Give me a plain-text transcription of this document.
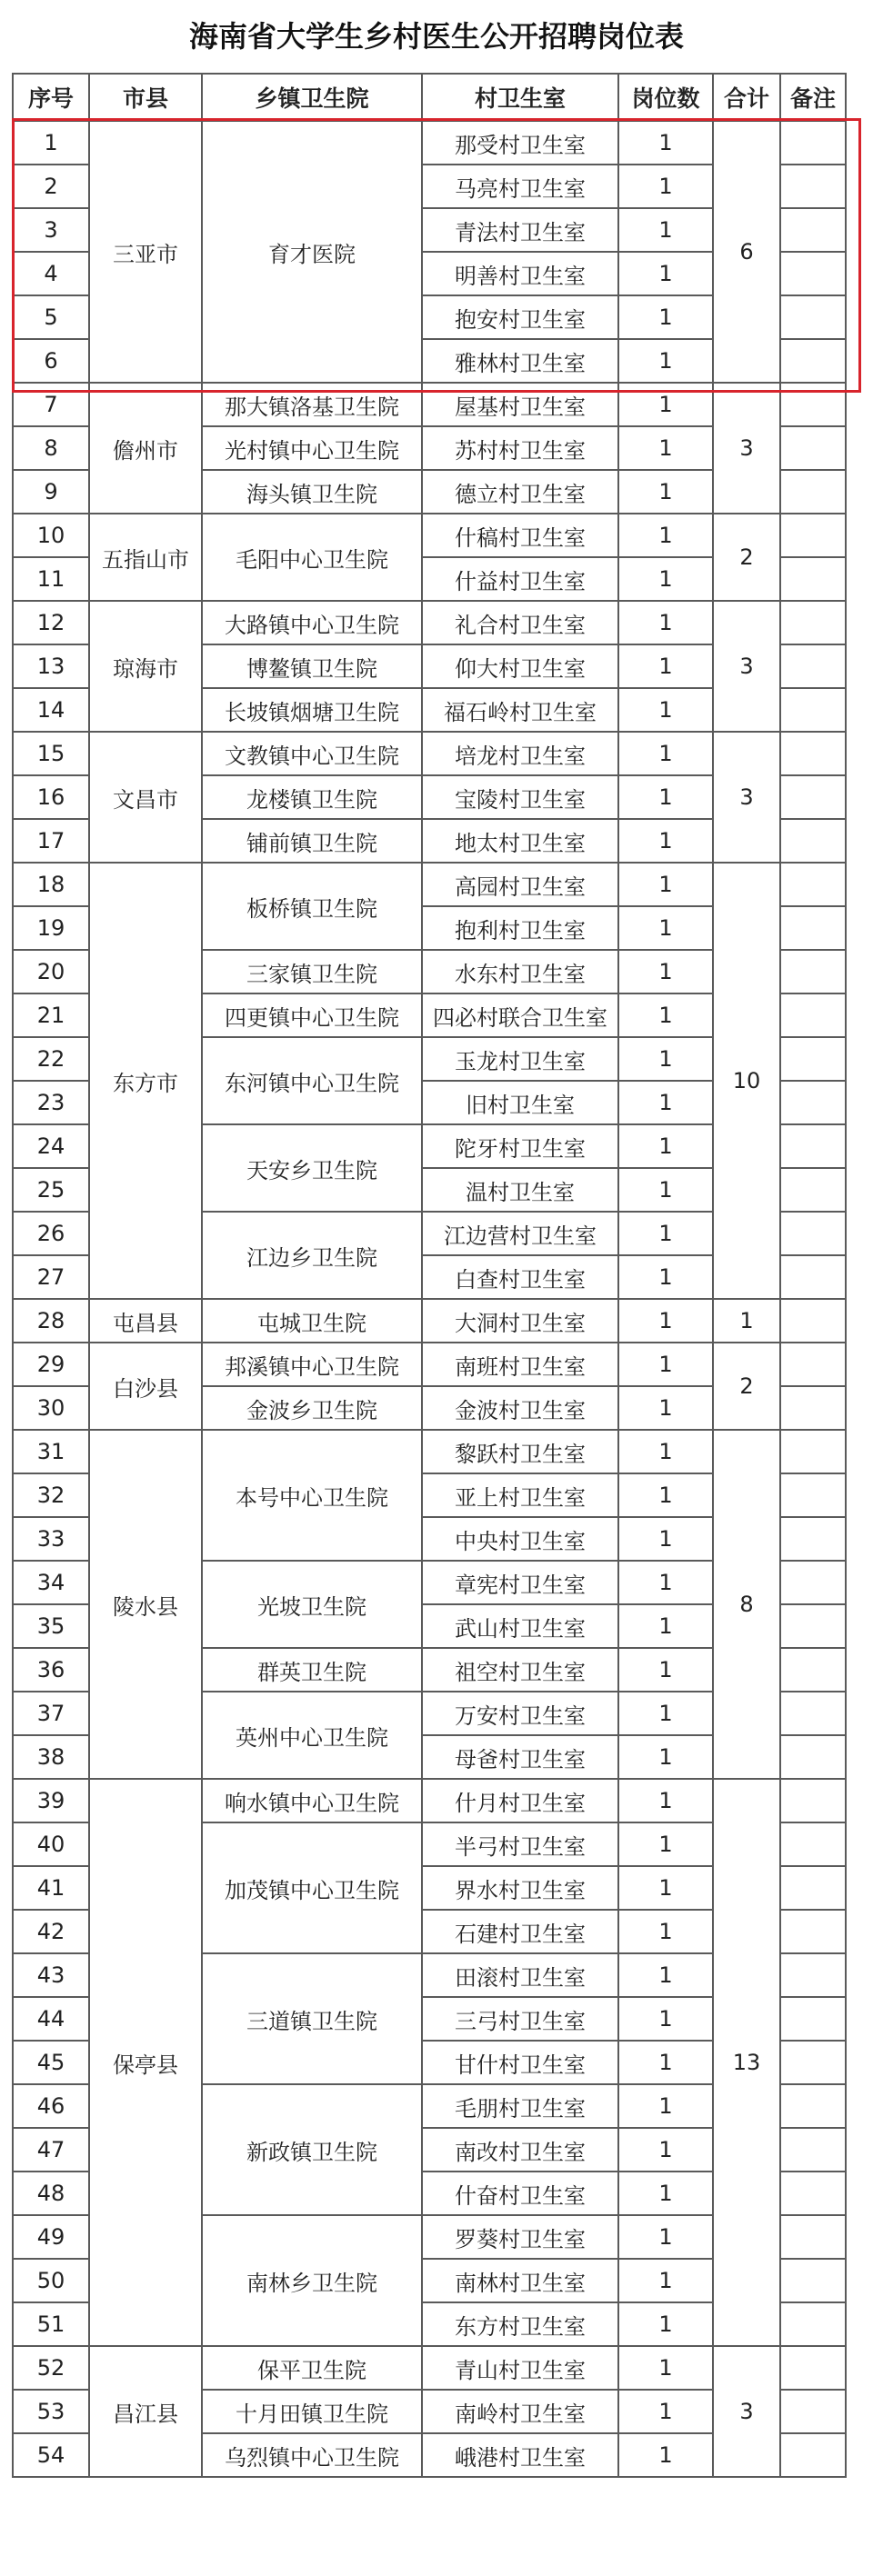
海南省大学生乡村医生公开招聘岗位表
序号	市县	乡镇卫生院	村卫生室	岗位数	合计	备注
1	三亚市	育才医院	那受村卫生室	1	6	
2			马亮村卫生室	1		
3			青法村卫生室	1		
4			明善村卫生室	1		
5			抱安村卫生室	1		
6			雅林村卫生室	1		
7	儋州市	那大镇洛基卫生院	屋基村卫生室	1	3	
8		光村镇中心卫生院	苏村村卫生室	1		
9		海头镇卫生院	德立村卫生室	1		
10	五指山市	毛阳中心卫生院	什稿村卫生室	1	2	
11			什益村卫生室	1		
12	琼海市	大路镇中心卫生院	礼合村卫生室	1	3	
13		博鳌镇卫生院	仰大村卫生室	1		
14		长坡镇烟塘卫生院	福石岭村卫生室	1		
15	文昌市	文教镇中心卫生院	培龙村卫生室	1	3	
16		龙楼镇卫生院	宝陵村卫生室	1		
17		铺前镇卫生院	地太村卫生室	1		
18	东方市	板桥镇卫生院	高园村卫生室	1	10	
19			抱利村卫生室	1		
20		三家镇卫生院	水东村卫生室	1		
21		四更镇中心卫生院	四必村联合卫生室	1		
22		东河镇中心卫生院	玉龙村卫生室	1		
23			旧村卫生室	1		
24		天安乡卫生院	陀牙村卫生室	1		
25			温村卫生室	1		
26		江边乡卫生院	江边营村卫生室	1		
27			白查村卫生室	1		
28	屯昌县	屯城卫生院	大洞村卫生室	1	1	
29	白沙县	邦溪镇中心卫生院	南班村卫生室	1	2	
30		金波乡卫生院	金波村卫生室	1		
31	陵水县	本号中心卫生院	黎跃村卫生室	1	8	
32			亚上村卫生室	1		
33			中央村卫生室	1		
34		光坡卫生院	章宪村卫生室	1		
35			武山村卫生室	1		
36		群英卫生院	祖空村卫生室	1		
37		英州中心卫生院	万安村卫生室	1		
38			母爸村卫生室	1		
39	保亭县	响水镇中心卫生院	什月村卫生室	1	13	
40		加茂镇中心卫生院	半弓村卫生室	1		
41			界水村卫生室	1		
42			石建村卫生室	1		
43		三道镇卫生院	田滚村卫生室	1		
44			三弓村卫生室	1		
45			甘什村卫生室	1		
46		新政镇卫生院	毛朋村卫生室	1		
47			南改村卫生室	1		
48			什奋村卫生室	1		
49		南林乡卫生院	罗葵村卫生室	1		
50			南林村卫生室	1		
51			东方村卫生室	1		
52	昌江县	保平卫生院	青山村卫生室	1	3	
53		十月田镇卫生院	南岭村卫生室	1		
54		乌烈镇中心卫生院	峨港村卫生室	1		
